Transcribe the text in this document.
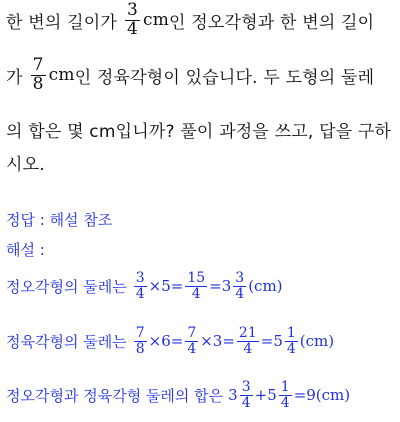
한 변의 길이가 $\frac{3}{4}$ cm 인 정오각형과 한 변의 길이
가 $\frac{7}{8}$ cm 인 정육각형이 있습니다. 두 도형의 둘레
의 합은 몇 cm입니까? 풀이 과정을 쓰고, 답을 구하
시오.
정답 : 해설 참조
해설 :
정오각형의 둘레는 $\frac{3}{4} \times 5= \frac{15}{4} =3 \frac{3}{4} (cm)$
정육각형의 둘레는 $\frac{7}{8} \times 6= \frac{7}{4} \times 3= \frac{21}{4} =5 \frac{1}{4} (cm)$
정오각형과 정육각형 둘레의 합은 $3 \frac{3}{4} +5 \frac{1}{4} =9(cm)$
